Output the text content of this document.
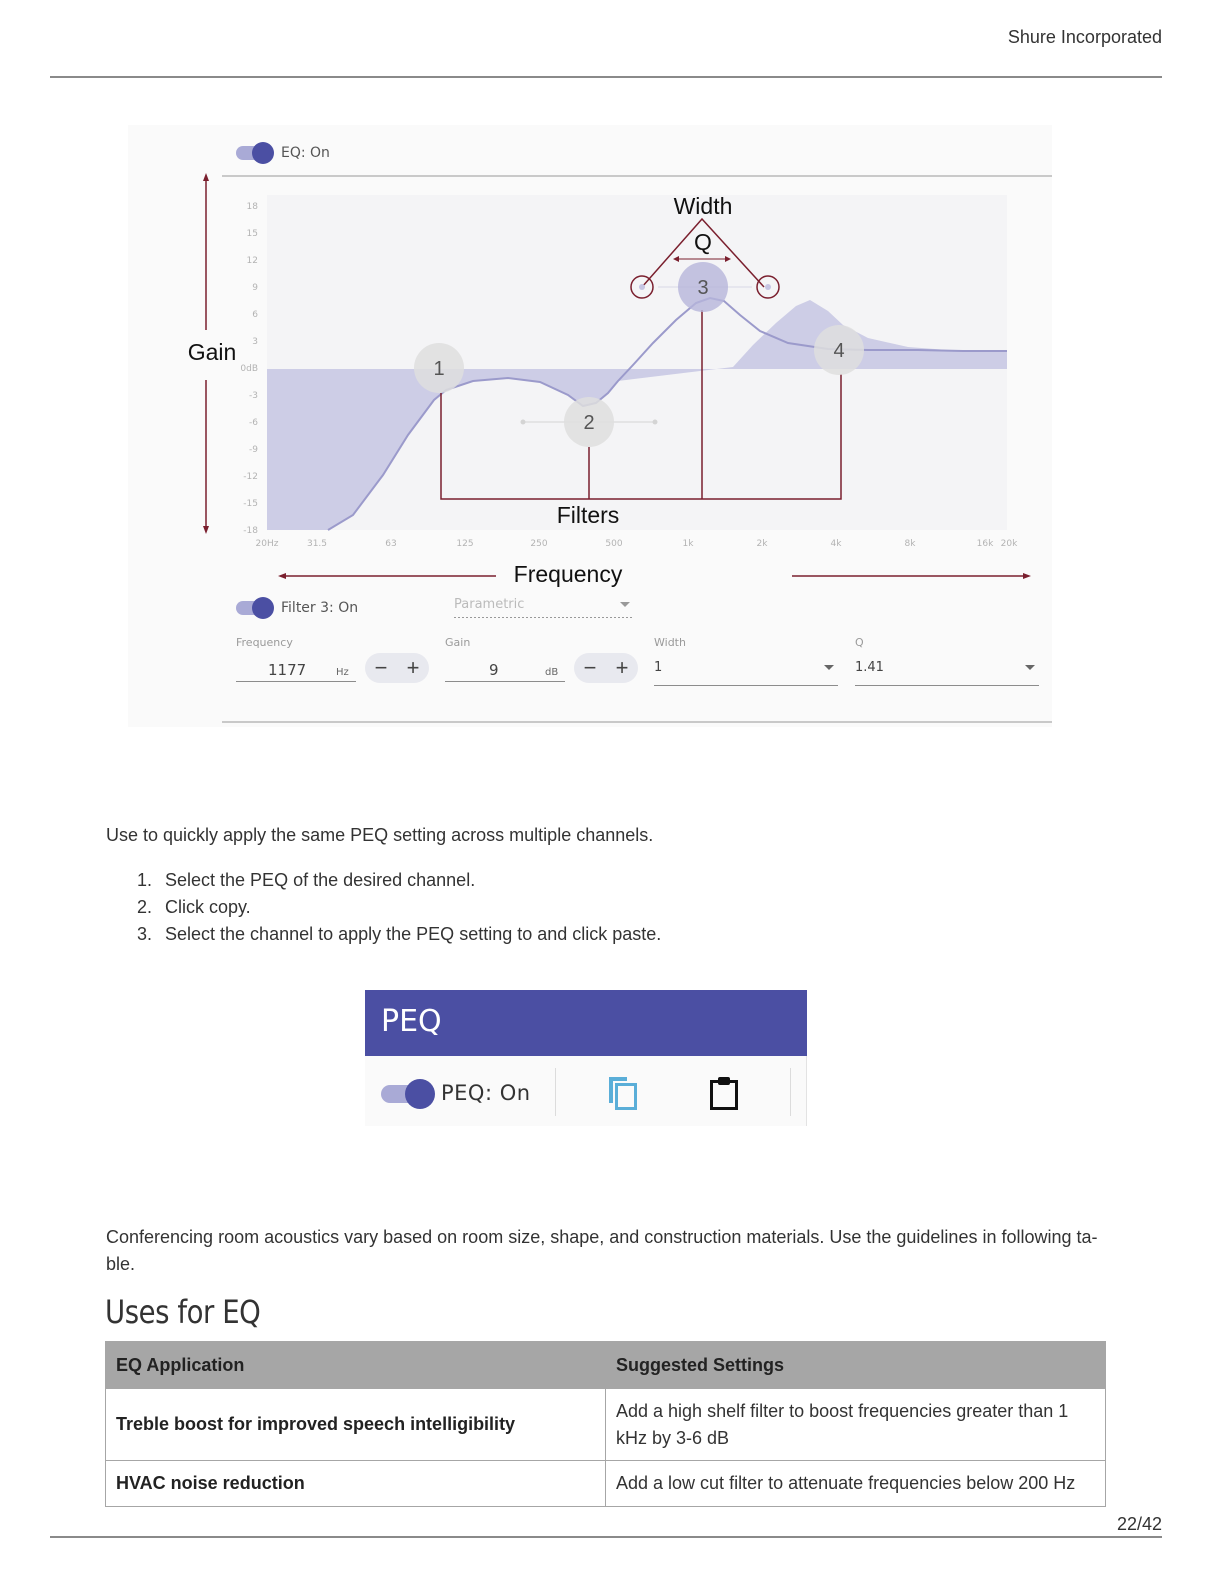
Shure Incorporated
18
15
12
9
6
3
0dB
-3
-6
-9
-12
-15
-18
20Hz	31.5	63	125	250	500	1k	2k	4k	8k	16k 20k
1
2
3
4
Gain
Width
Q
Filters
Frequency
EQ: On
Filter 3: On	Parametric
Frequency
1177	Hz	− +
Gain
9	dB	− +
Width
1
Q
1.41
Use to quickly apply the same PEQ setting across multiple channels.
1. Select the PEQ of the desired channel.
2. Click copy.
3. Select the channel to apply the PEQ setting to and click paste.
PEQ
PEQ: On
Conferencing room acoustics vary based on room size, shape, and construction materials. Use the guidelines in following ta-
ble.
Uses for EQ
EQ Application	Suggested Settings
Treble boost for improved speech intelligibility	Add a high shelf filter to boost frequencies greater than 1 kHz by 3-6 dB
HVAC noise reduction	Add a low cut filter to attenuate frequencies below 200 Hz
22/42
